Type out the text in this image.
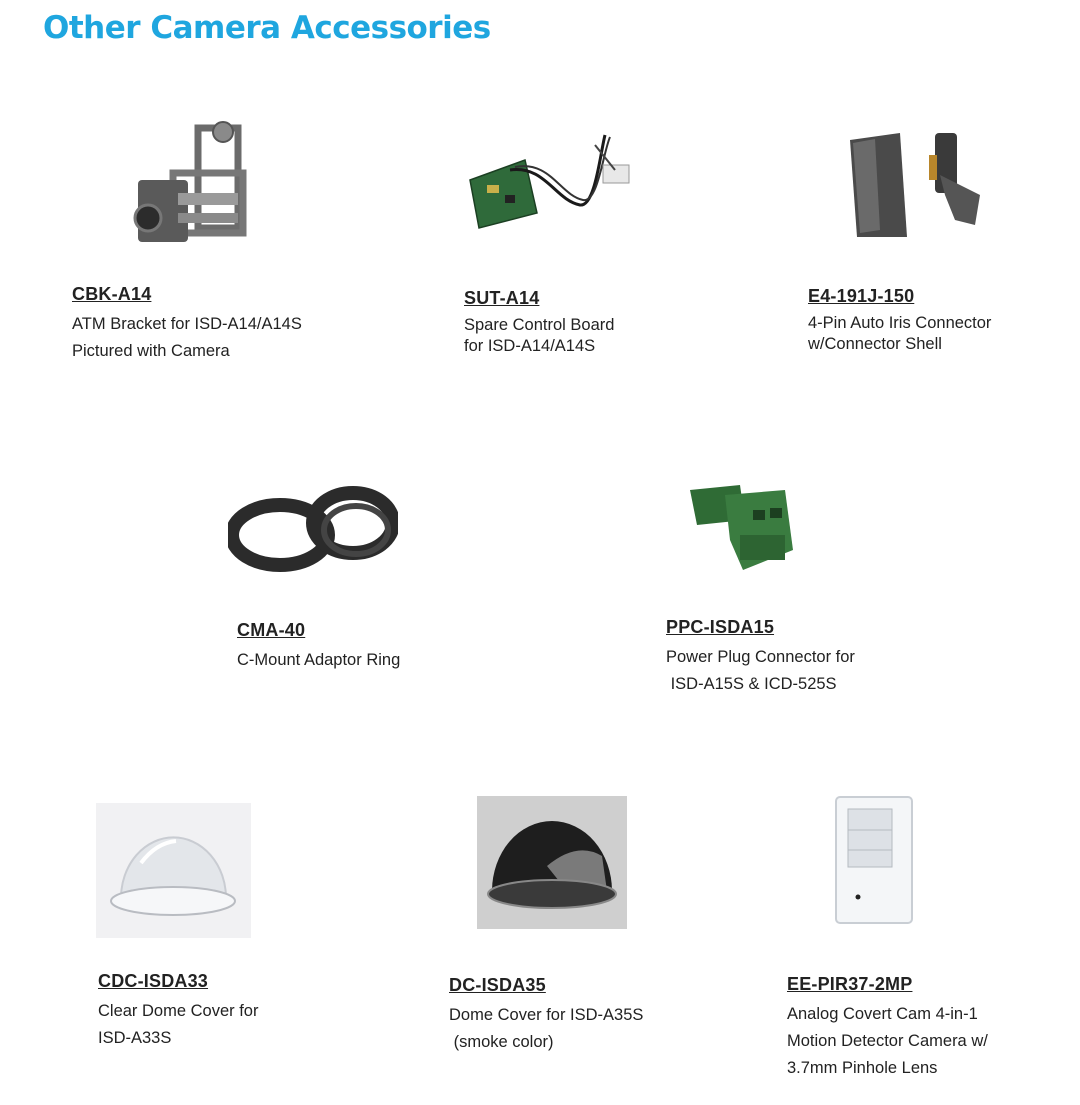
Other Camera Accessories
CBK-A14
ATM Bracket for ISD-A14/A14S
Pictured with Camera
SUT-A14
Spare Control Board
for ISD-A14/A14S
E4-191J-150
4-Pin Auto Iris Connector
w/Connector Shell
CMA-40
C-Mount Adaptor Ring
PPC-ISDA15
Power Plug Connector for
ISD-A15S & ICD-525S
CDC-ISDA33
Clear Dome Cover for
ISD-A33S
DC-ISDA35
Dome Cover for ISD-A35S
(smoke color)
EE-PIR37-2MP
Analog Covert Cam 4-in-1
Motion Detector Camera w/
3.7mm Pinhole Lens
